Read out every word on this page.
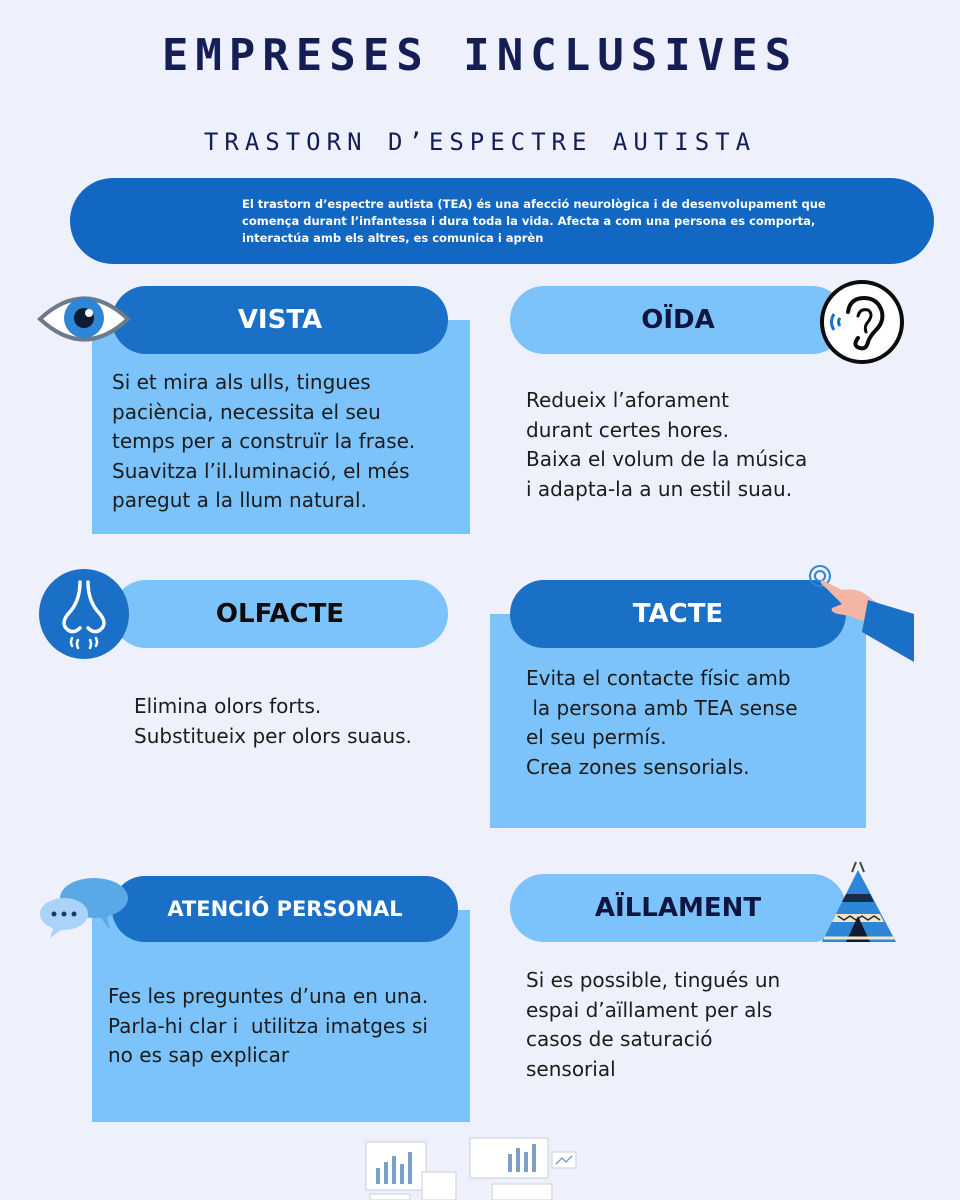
EMPRESES INCLUSIVES
TRASTORN D’ESPECTRE AUTISTA
El trastorn d’espectre autista (TEA) és una afecció neurològica i de desenvolupament que comença durant l’infantessa i dura toda la vida. Afecta a com una persona es comporta, interactúa amb els altres, es comunica i aprèn
Si et mira als ulls, tingues
paciència, necessita el seu
temps per a construïr la frase.
Suavitza l’il.luminació, el més
paregut a la llum natural.
VISTA
Redueix l’aforament
durant certes hores.
Baixa el volum de la música
i adapta-la a un estil suau.
OÏDA
Elimina olors forts.
Substitueix per olors suaus.
OLFACTE
Evita el contacte físic amb
la persona amb TEA sense
el seu permís.
Crea zones sensorials.
TACTE
Fes les preguntes d’una en una.
Parla-hi clar i  utilitza imatges si
no es sap explicar
ATENCIÓ PERSONAL
Si es possible, tingués un
espai d’aïllament per als
casos de saturació
sensorial
AÏLLAMENT
